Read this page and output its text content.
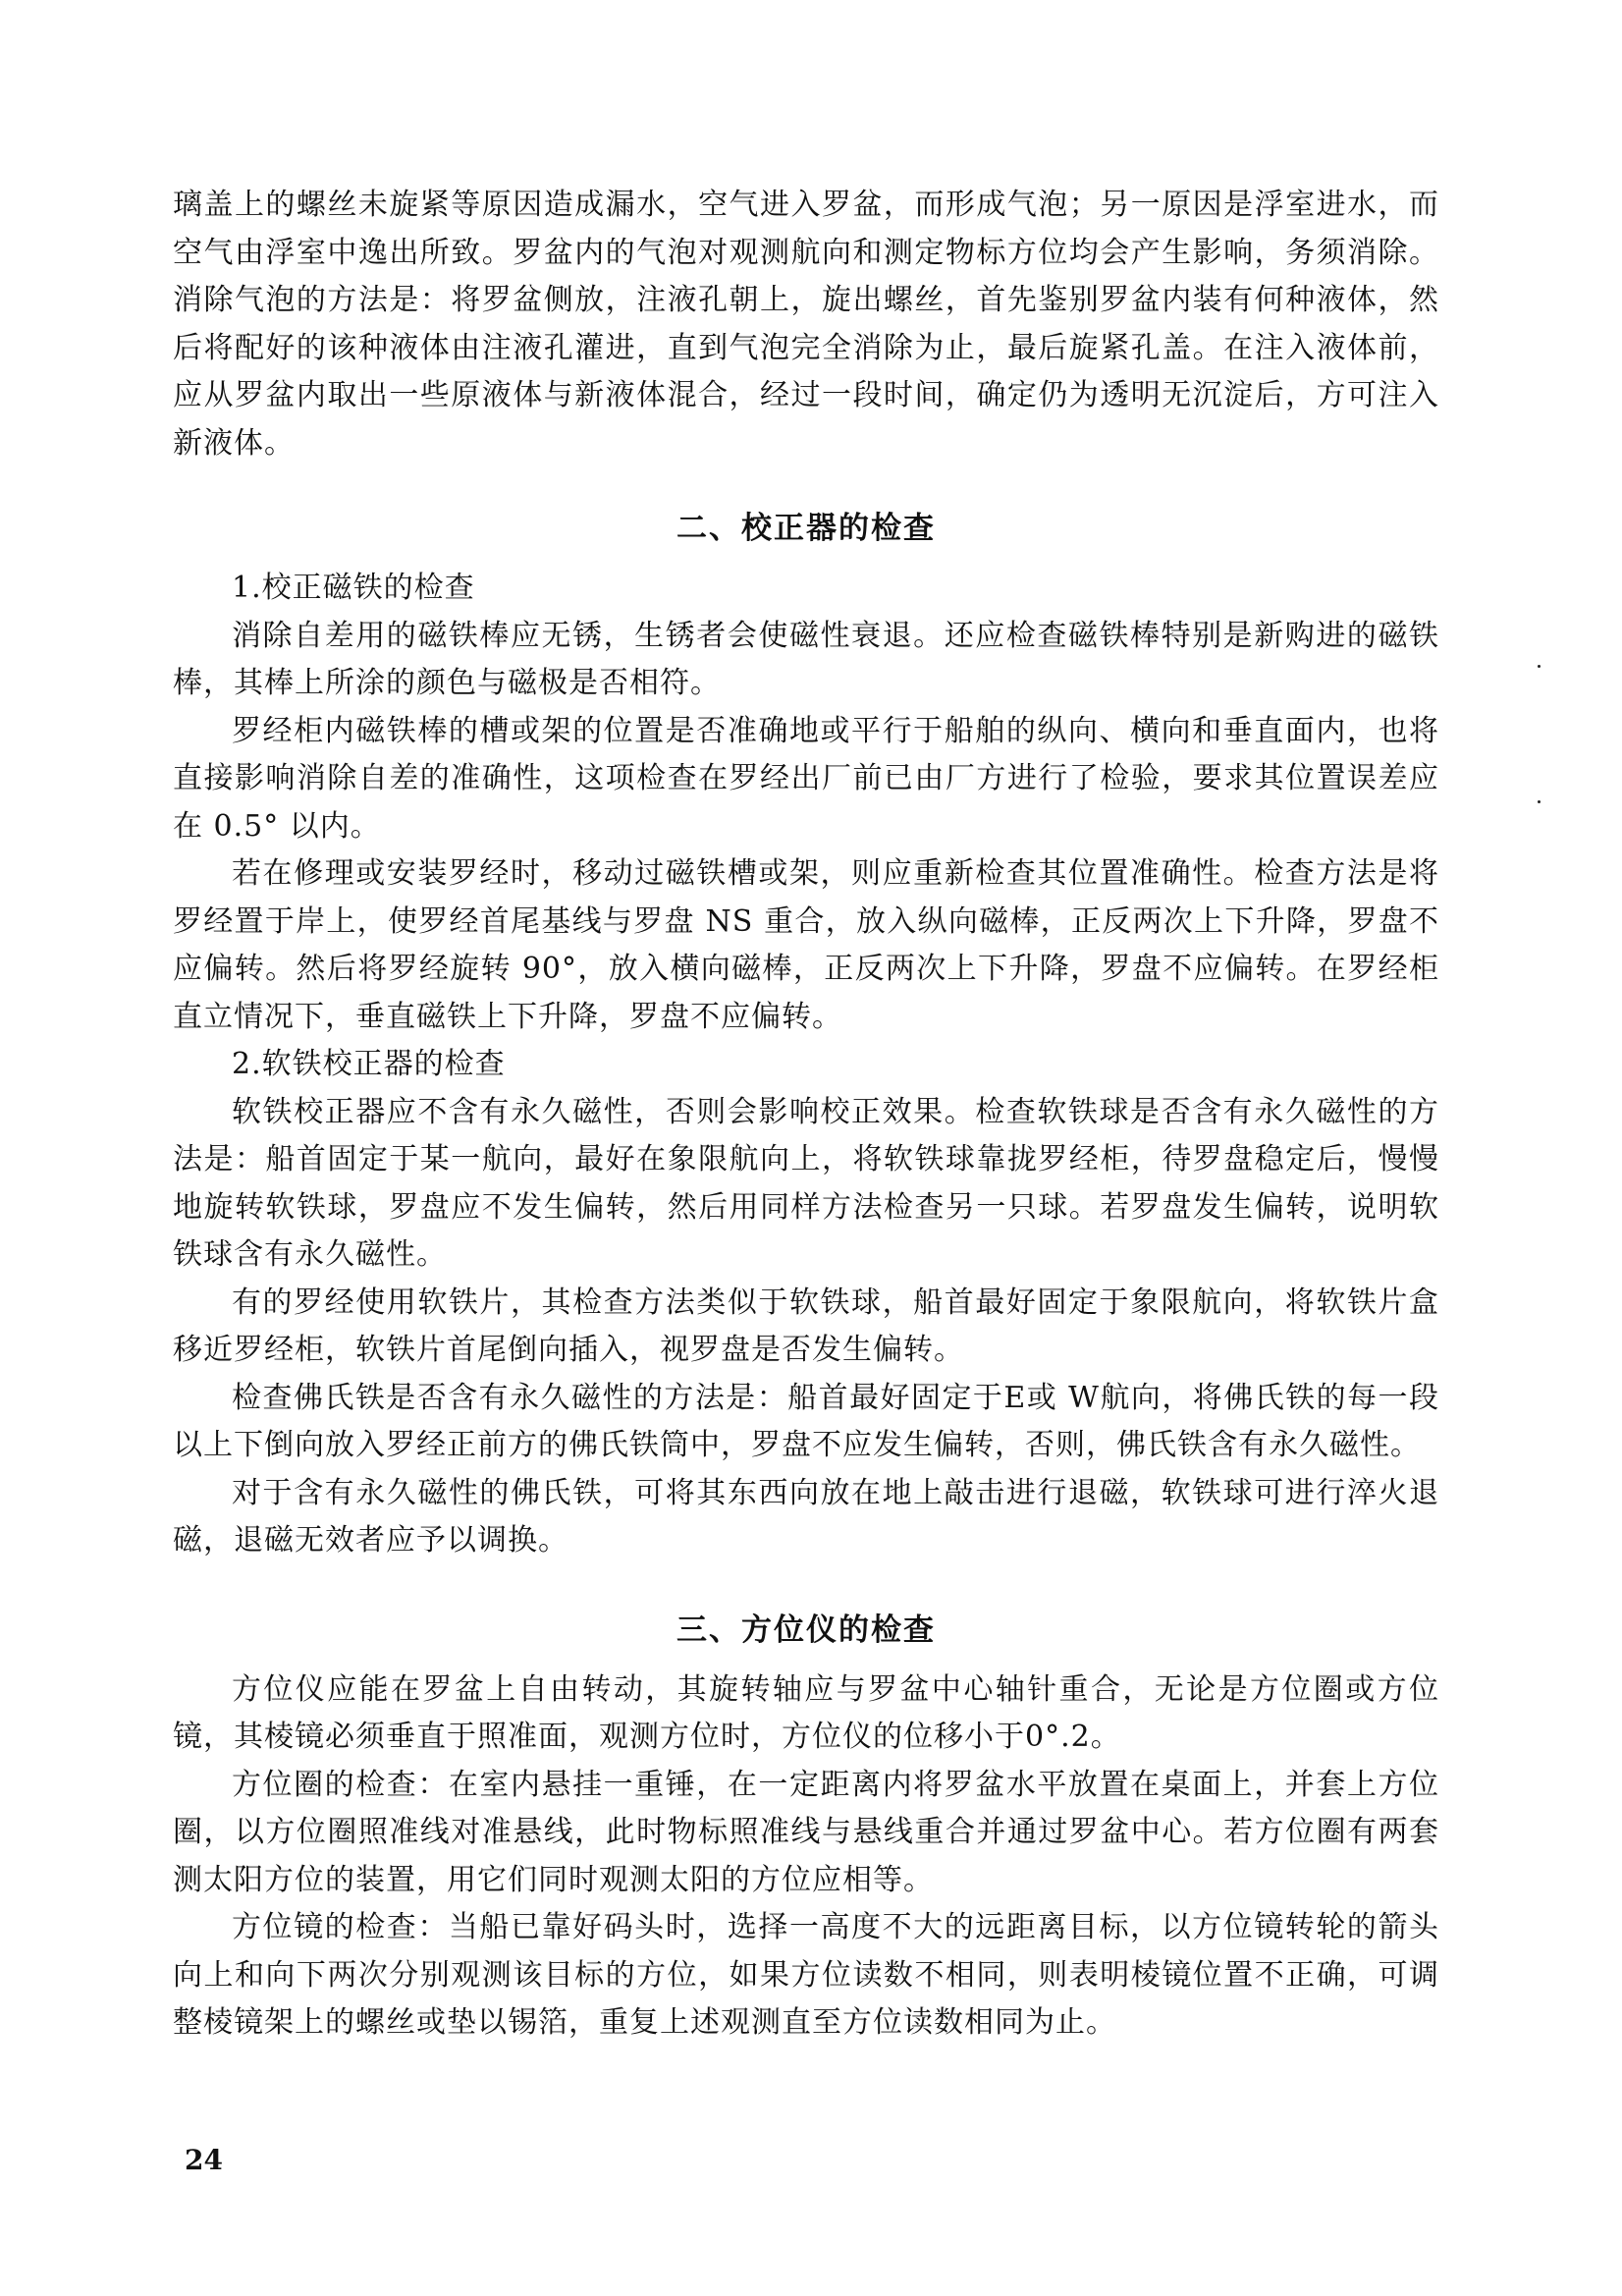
璃盖上的螺丝未旋紧等原因造成漏水，空气进入罗盆，而形成气泡；另一原因是浮室进水，而空气由浮室中逸出所致。罗盆内的气泡对观测航向和测定物标方位均会产生影响，务须消除。消除气泡的方法是：将罗盆侧放，注液孔朝上，旋出螺丝，首先鉴别罗盆内装有何种液体，然后将配好的该种液体由注液孔灌进，直到气泡完全消除为止，最后旋紧孔盖。在注入液体前，应从罗盆内取出一些原液体与新液体混合，经过一段时间，确定仍为透明无沉淀后，方可注入新液体。

二、校正器的检查

1.校正磁铁的检查

消除自差用的磁铁棒应无锈，生锈者会使磁性衰退。还应检查磁铁棒特别是新购进的磁铁棒，其棒上所涂的颜色与磁极是否相符。

罗经柜内磁铁棒的槽或架的位置是否准确地或平行于船舶的纵向、横向和垂直面内，也将直接影响消除自差的准确性，这项检查在罗经出厂前已由厂方进行了检验，要求其位置误差应在 0.5° 以内。

若在修理或安装罗经时，移动过磁铁槽或架，则应重新检查其位置准确性。检查方法是将罗经置于岸上，使罗经首尾基线与罗盘 NS 重合，放入纵向磁棒，正反两次上下升降，罗盘不应偏转。然后将罗经旋转 90°，放入横向磁棒，正反两次上下升降，罗盘不应偏转。在罗经柜直立情况下，垂直磁铁上下升降，罗盘不应偏转。

2.软铁校正器的检查

软铁校正器应不含有永久磁性，否则会影响校正效果。检查软铁球是否含有永久磁性的方法是：船首固定于某一航向，最好在象限航向上，将软铁球靠拢罗经柜，待罗盘稳定后，慢慢地旋转软铁球，罗盘应不发生偏转，然后用同样方法检查另一只球。若罗盘发生偏转，说明软铁球含有永久磁性。

有的罗经使用软铁片，其检查方法类似于软铁球，船首最好固定于象限航向，将软铁片盒移近罗经柜，软铁片首尾倒向插入，视罗盘是否发生偏转。

检查佛氏铁是否含有永久磁性的方法是：船首最好固定于E或 W航向，将佛氏铁的每一段以上下倒向放入罗经正前方的佛氏铁筒中，罗盘不应发生偏转，否则，佛氏铁含有永久磁性。

对于含有永久磁性的佛氏铁，可将其东西向放在地上敲击进行退磁，软铁球可进行淬火退磁，退磁无效者应予以调换。

三、方位仪的检查

方位仪应能在罗盆上自由转动，其旋转轴应与罗盆中心轴针重合，无论是方位圈或方位镜，其棱镜必须垂直于照准面，观测方位时，方位仪的位移小于0°.2。

方位圈的检查：在室内悬挂一重锤，在一定距离内将罗盆水平放置在桌面上，并套上方位圈，以方位圈照准线对准悬线，此时物标照准线与悬线重合并通过罗盆中心。若方位圈有两套测太阳方位的装置，用它们同时观测太阳的方位应相等。

方位镜的检查：当船已靠好码头时，选择一高度不大的远距离目标，以方位镜转轮的箭头向上和向下两次分别观测该目标的方位，如果方位读数不相同，则表明棱镜位置不正确，可调整棱镜架上的螺丝或垫以锡箔，重复上述观测直至方位读数相同为止。

24
